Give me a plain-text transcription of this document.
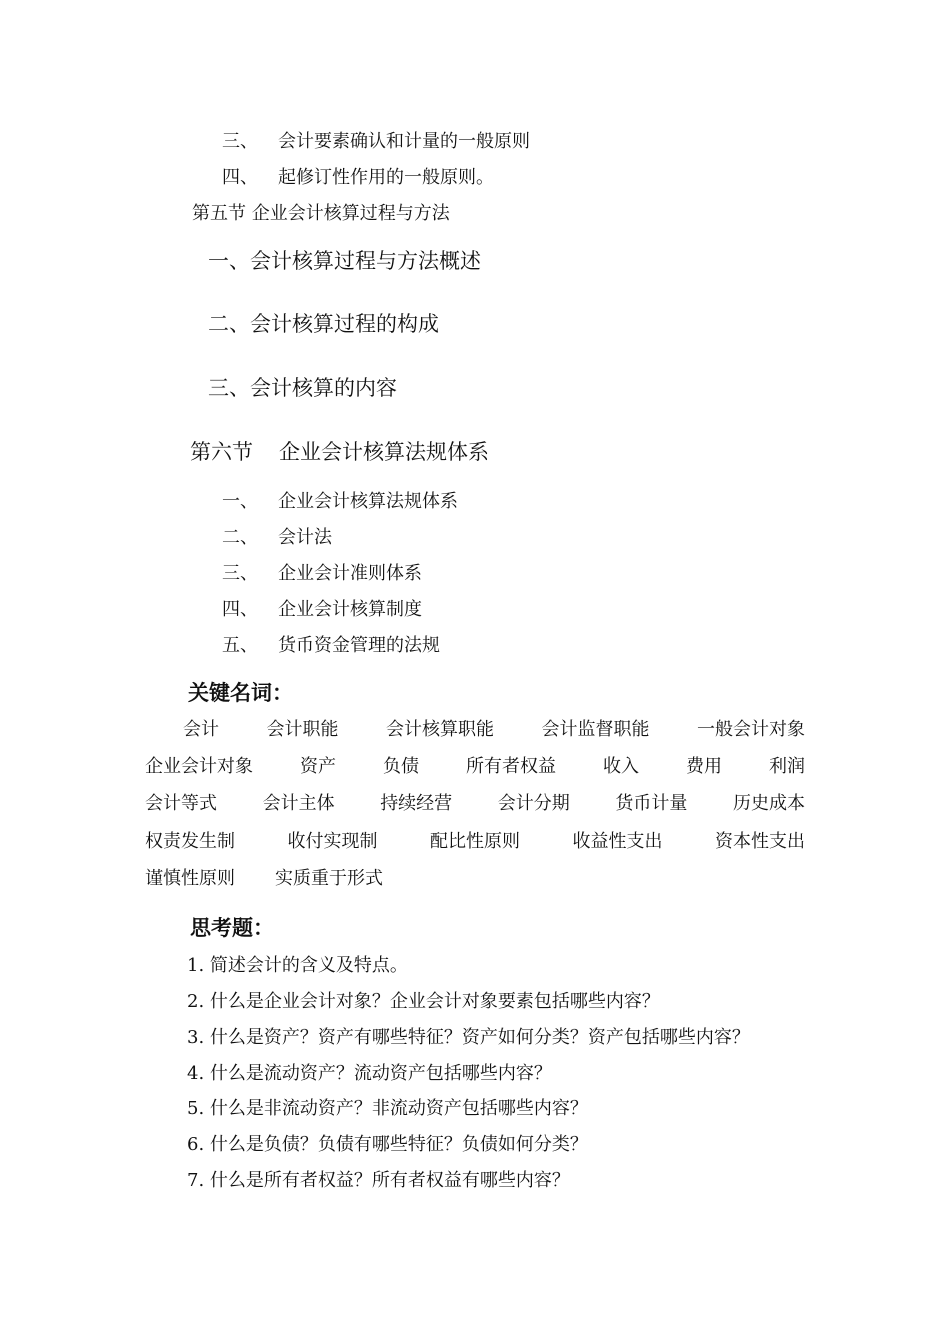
三、 会计要素确认和计量的一般原则
四、 起修订性作用的一般原则。
第五节 企业会计核算过程与方法
一、会计核算过程与方法概述
二、会计核算过程的构成
三、会计核算的内容
第六节 企业会计核算法规体系
一、 企业会计核算法规体系
二、 会计法
三、 企业会计准则体系
四、 企业会计核算制度
五、 货币资金管理的法规
关键名词：
会计	会计职能	会计核算职能	会计监督职能	一般会计对象
企业会计对象	资产	负债	所有者权益	收入	费用	利润
会计等式	会计主体	持续经营	会计分期	货币计量	历史成本
权责发生制	收付实现制	配比性原则	收益性支出	资本性支出
谨慎性原则 实质重于形式
思考题：
1. 简述会计的含义及特点。
2. 什么是企业会计对象？企业会计对象要素包括哪些内容？
3. 什么是资产？资产有哪些特征？资产如何分类？资产包括哪些内容？
4. 什么是流动资产？流动资产包括哪些内容？
5. 什么是非流动资产？非流动资产包括哪些内容？
6. 什么是负债？负债有哪些特征？负债如何分类？
7. 什么是所有者权益？所有者权益有哪些内容？
